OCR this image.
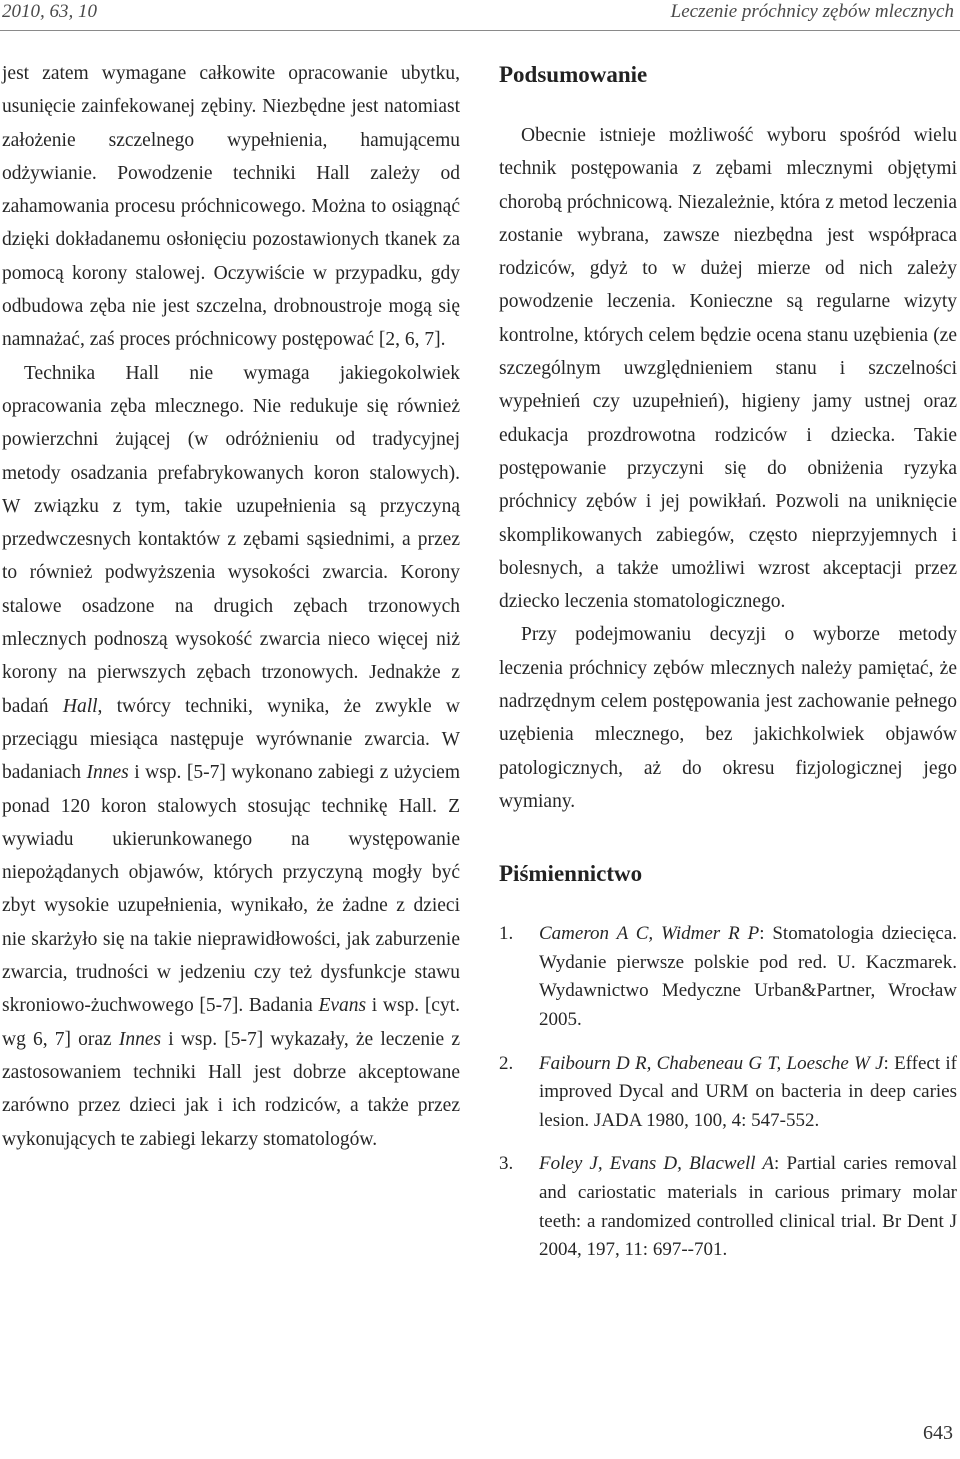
2010, 63, 10	Leczenie próchnicy zębów mlecznych

jest zatem wymagane całkowite opracowanie ubytku, usunięcie zainfekowanej zębiny. Niezbędne jest natomiast założenie szczelnego wypełnienia, hamującemu odżywianie. Powodzenie techniki Hall zależy od zahamowania procesu próchnicowego. Można to osiągnąć dzięki dokładanemu osłonięciu pozostawionych tkanek za pomocą korony stalowej. Oczywiście w przypadku, gdy odbudowa zęba nie jest szczelna, drobnoustroje mogą się namnażać, zaś proces próchnicowy postępować [2, 6, 7].

Technika Hall nie wymaga jakiegokolwiek opracowania zęba mlecznego. Nie redukuje się również powierzchni żującej (w odróżnieniu od tradycyjnej metody osadzania prefabrykowanych koron stalowych). W związku z tym, takie uzupełnienia są przyczyną przedwczesnych kontaktów z zębami sąsiednimi, a przez to również podwyższenia wysokości zwarcia. Korony stalowe osadzone na drugich zębach trzonowych mlecznych podnoszą wysokość zwarcia nieco więcej niż korony na pierwszych zębach trzonowych. Jednakże z badań Hall, twórcy techniki, wynika, że zwykle w przeciągu miesiąca następuje wyrównanie zwarcia. W badaniach Innes i wsp. [5-7] wykonano zabiegi z użyciem ponad 120 koron stalowych stosując technikę Hall. Z wywiadu ukierunkowanego na występowanie niepożądanych objawów, których przyczyną mogły być zbyt wysokie uzupełnienia, wynikało, że żadne z dzieci nie skarżyło się na takie nieprawidłowości, jak zaburzenie zwarcia, trudności w jedzeniu czy też dysfunkcje stawu skroniowo-żuchwowego [5-7]. Badania Evans i wsp. [cyt. wg 6, 7] oraz Innes i wsp. [5-7] wykazały, że leczenie z zastosowaniem techniki Hall jest dobrze akceptowane zarówno przez dzieci jak i ich rodziców, a także przez wykonujących te zabiegi lekarzy stomatologów.

Podsumowanie

Obecnie istnieje możliwość wyboru spośród wielu technik postępowania z zębami mlecznymi objętymi chorobą próchnicową. Niezależnie, która z metod leczenia zostanie wybrana, zawsze niezbędna jest współpraca rodziców, gdyż to w dużej mierze od nich zależy powodzenie leczenia. Konieczne są regularne wizyty kontrolne, których celem będzie ocena stanu uzębienia (ze szczególnym uwzględnieniem stanu i szczelności wypełnień czy uzupełnień), higieny jamy ustnej oraz edukacja prozdrowotna rodziców i dziecka. Takie postępowanie przyczyni się do obniżenia ryzyka próchnicy zębów i jej powikłań. Pozwoli na uniknięcie skomplikowanych zabiegów, często nieprzyjemnych i bolesnych, a także umożliwi wzrost akceptacji przez dziecko leczenia stomatologicznego.

Przy podejmowaniu decyzji o wyborze metody leczenia próchnicy zębów mlecznych należy pamiętać, że nadrzędnym celem postępowania jest zachowanie pełnego uzębienia mlecznego, bez jakichkolwiek objawów patologicznych, aż do okresu fizjologicznej jego wymiany.

Piśmiennictwo
1. Cameron A C, Widmer R P: Stomatologia dziecięca. Wydanie pierwsze polskie pod red. U. Kaczmarek. Wydawnictwo Medyczne Urban&Partner, Wrocław 2005.
2. Faibourn D R, Chabeneau G T, Loesche W J: Effect if improved Dycal and URM on bacteria in deep caries lesion. JADA 1980, 100, 4: 547-552.
3. Foley J, Evans D, Blacwell A: Partial caries removal and cariostatic materials in carious primary molar teeth: a randomized controlled clinical trial. Br Dent J 2004, 197, 11: 697--701.
643
